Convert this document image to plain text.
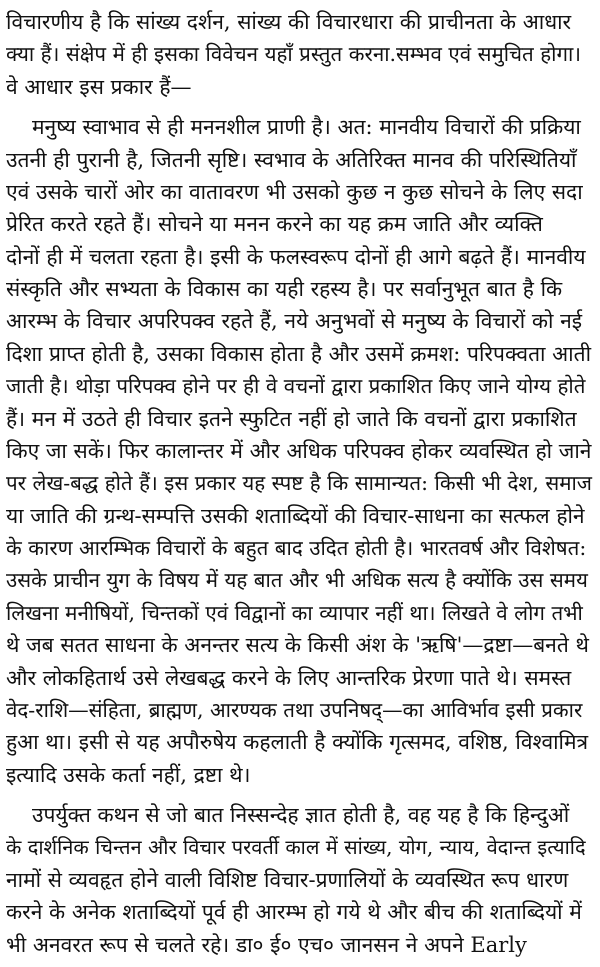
विचारणीय है कि सांख्य दर्शन, सांख्य की विचारधारा की प्राचीनता के आधार
क्या हैं। संक्षेप में ही इसका विवेचन यहाँ प्रस्तुत करना.सम्भव एवं समुचित होगा।
वे आधार इस प्रकार हैं—
मनुष्य स्वाभाव से ही मननशील प्राणी है। अत: मानवीय विचारों की प्रक्रिया
उतनी ही पुरानी है, जितनी सृष्टि। स्वभाव के अतिरिक्त मानव की परिस्थितियाँ
एवं उसके चारों ओर का वातावरण भी उसको कुछ न कुछ सोचने के लिए सदा
प्रेरित करते रहते हैं। सोचने या मनन करने का यह क्रम जाति और व्यक्ति
दोनों ही में चलता रहता है। इसी के फलस्वरूप दोनों ही आगे बढ़ते हैं। मानवीय
संस्कृति और सभ्यता के विकास का यही रहस्य है। पर सर्वानुभूत बात है कि
आरम्भ के विचार अपरिपक्व रहते हैं, नये अनुभवों से मनुष्य के विचारों को नई
दिशा प्राप्त होती है, उसका विकास होता है और उसमें क्रमश: परिपक्वता आती
जाती है। थोड़ा परिपक्व होने पर ही वे वचनों द्वारा प्रकाशित किए जाने योग्य होते
हैं। मन में उठते ही विचार इतने स्फुटित नहीं हो जाते कि वचनों द्वारा प्रकाशित
किए जा सकें। फिर कालान्तर में और अधिक परिपक्व होकर व्यवस्थित हो जाने
पर लेख-बद्ध होते हैं। इस प्रकार यह स्पष्ट है कि सामान्यत: किसी भी देश, समाज
या जाति की ग्रन्थ-सम्पत्ति उसकी शताब्दियों की विचार-साधना का सत्फल होने
के कारण आरम्भिक विचारों के बहुत बाद उदित होती है। भारतवर्ष और विशेषत:
उसके प्राचीन युग के विषय में यह बात और भी अधिक सत्य है क्योंकि उस समय
लिखना मनीषियों, चिन्तकों एवं विद्वानों का व्यापार नहीं था। लिखते वे लोग तभी
थे जब सतत साधना के अनन्तर सत्य के किसी अंश के 'ऋषि'—द्रष्टा—बनते थे
और लोकहितार्थ उसे लेखबद्ध करने के लिए आन्तरिक प्रेरणा पाते थे। समस्त
वेद-राशि—संहिता, ब्राह्मण, आरण्यक तथा उपनिषद्—का आविर्भाव इसी प्रकार
हुआ था। इसी से यह अपौरुषेय कहलाती है क्योंकि गृत्समद, वशिष्ठ, विश्वामित्र
इत्यादि उसके कर्ता नहीं, द्रष्टा थे।
उपर्युक्त कथन से जो बात निस्सन्देह ज्ञात होती है, वह यह है कि हिन्दुओं
के दार्शनिक चिन्तन और विचार परवर्ती काल में सांख्य, योग, न्याय, वेदान्त इत्यादि
नामों से व्यवहृत होने वाली विशिष्ट विचार-प्रणालियों के व्यवस्थित रूप धारण
करने के अनेक शताब्दियों पूर्व ही आरम्भ हो गये थे और बीच की शताब्दियों में
भी अनवरत रूप से चलते रहे। डा० ई० एच० जानसन ने अपने Early
